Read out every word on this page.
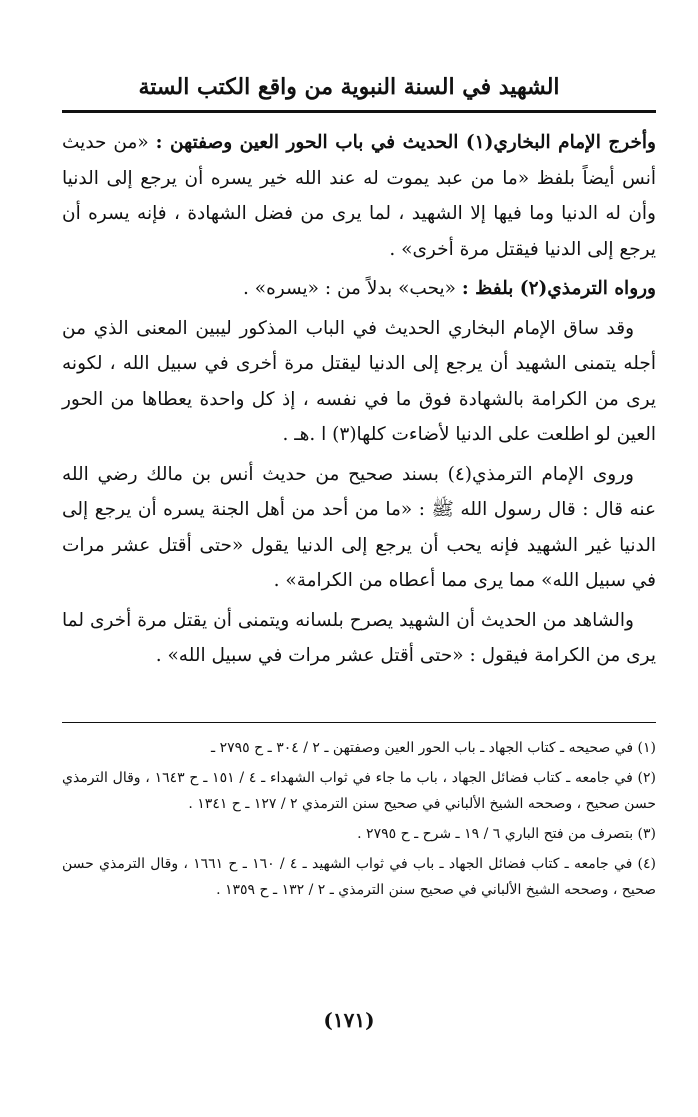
الشهيد في السنة النبوية من واقع الكتب الستة

وأخرج الإمام البخاري(١) الحديث في باب الحور العين وصفتهن : «من حديث أنس أيضاً بلفظ «ما من عبد يموت له عند الله خير يسره أن يرجع إلى الدنيا وأن له الدنيا وما فيها إلا الشهيد ، لما يرى من فضل الشهادة ، فإنه يسره أن يرجع إلى الدنيا فيقتل مرة أخرى» .

ورواه الترمذي(٢) بلفظ : «يحب» بدلاً من : «يسره» .

وقد ساق الإمام البخاري الحديث في الباب المذكور ليبين المعنى الذي من أجله يتمنى الشهيد أن يرجع إلى الدنيا ليقتل مرة أخرى في سبيل الله ، لكونه يرى من الكرامة بالشهادة فوق ما في نفسه ، إذ كل واحدة يعطاها من الحور العين لو اطلعت على الدنيا لأضاءت كلها(٣) ا .هـ .

وروى الإمام الترمذي(٤) بسند صحيح من حديث أنس بن مالك رضي الله عنه قال : قال رسول الله ﷺ : «ما من أحد من أهل الجنة يسره أن يرجع إلى الدنيا غير الشهيد فإنه يحب أن يرجع إلى الدنيا يقول «حتى أقتل عشر مرات في سبيل الله» مما يرى مما أعطاه من الكرامة» .

والشاهد من الحديث أن الشهيد يصرح بلسانه ويتمنى أن يقتل مرة أخرى لما يرى من الكرامة فيقول : «حتى أقتل عشر مرات في سبيل الله» .

(١) في صحيحه ـ كتاب الجهاد ـ باب الحور العين وصفتهن ـ ٢ / ٣٠٤ ـ ح ٢٧٩٥ ـ

(٢) في جامعه ـ كتاب فضائل الجهاد ، باب ما جاء في ثواب الشهداء ـ ٤ / ١٥١ ـ ح ١٦٤٣ ، وقال الترمذي حسن صحيح ، وصححه الشيخ الألباني في صحيح سنن الترمذي ٢ / ١٢٧ ـ ح ١٣٤١ .

(٣) بتصرف من فتح الباري ٦ / ١٩ ـ شرح ـ ح ٢٧٩٥ .

(٤) في جامعه ـ كتاب فضائل الجهاد ـ باب في ثواب الشهيد ـ ٤ / ١٦٠ ـ ح ١٦٦١ ، وقال الترمذي حسن صحيح ، وصححه الشيخ الألباني في صحيح سنن الترمذي ـ ٢ / ١٣٢ ـ ح ١٣٥٩ .

(١٧١)
